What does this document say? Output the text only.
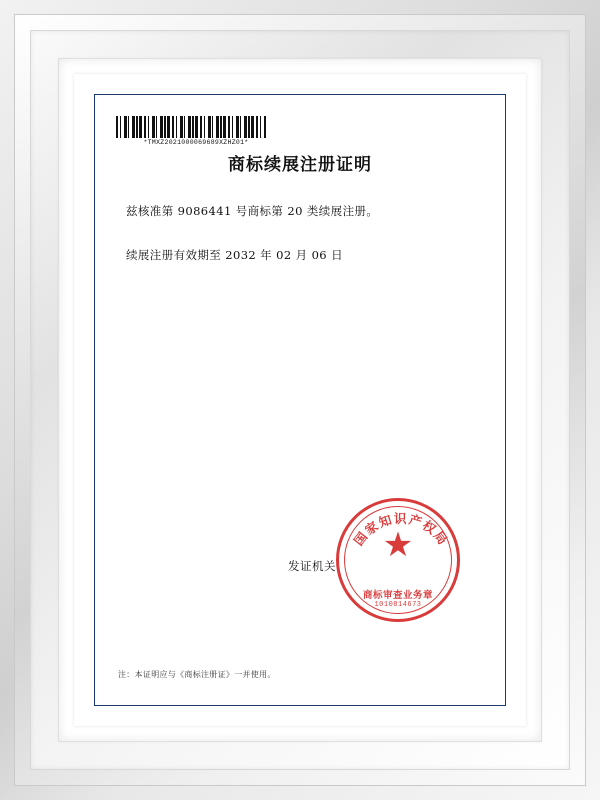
*TMXZ2021000069689XZHZ01*
商标续展注册证明
兹核准第 9086441 号商标第 20 类续展注册。
续展注册有效期至 2032 年 02 月 06 日
发证机关
国家知识产权局
★
商标审查业务章
1010814673
注：本证明应与《商标注册证》一并使用。
